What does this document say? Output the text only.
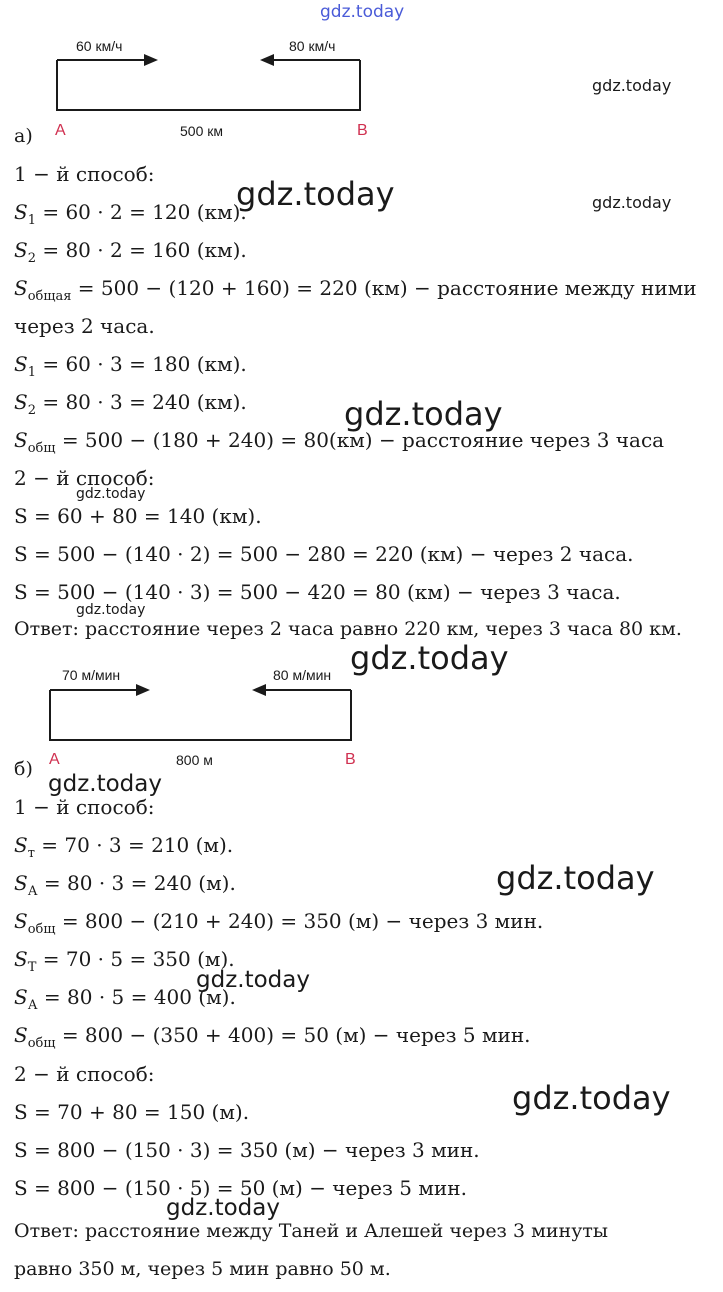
gdz.today
gdz.today
gdz.today
gdz.today
gdz.today
gdz.today
gdz.today
gdz.today
gdz.today
gdz.today
gdz.today
gdz.today
gdz.today
60 км/ч	80 км/ч
A	B
500 км
а)
1 − й способ:
$S_1 = 60 \cdot 2 = 120$ (км).
$S_2 = 80 \cdot 2 = 160$ (км).
$S_{общая} = 500 - (120 + 160) = 220$ (км) − расстояние между ними
через 2 часа.
$S_1 = 60 \cdot 3 = 180$ (км).
$S_2 = 80 \cdot 3 = 240$ (км).
$S_{общ} = 500 - (180 + 240) = 80(км)$ − расстояние через 3 часа
2 − й способ:
S = 60 + 80 = 140 (км).
S = 500 − (140 · 2) = 500 − 280 = 220 (км) − через 2 часа.
S = 500 − (140 · 3) = 500 − 420 = 80 (км) − через 3 часа.
Ответ: расстояние через 2 часа равно 220 км, через 3 часа 80 км.
70 м/мин	80 м/мин
A	B
800 м
б)
1 − й способ:
$S_т = 70 \cdot 3 = 210$ (м).
$S_А = 80 \cdot 3 = 240$ (м).
$S_{общ} = 800 - (210 + 240) = 350$ (м) − через 3 мин.
$S_Т = 70 \cdot 5 = 350$ (м).
$S_А = 80 \cdot 5 = 400$ (м).
$S_{общ} = 800 - (350 + 400) = 50$ (м) − через 5 мин.
2 − й способ:
S = 70 + 80 = 150 (м).
S = 800 − (150 · 3) = 350 (м) − через 3 мин.
S = 800 − (150 · 5) = 50 (м) − через 5 мин.
Ответ: расстояние между Таней и Алешей через 3 минуты
равно 350 м, через 5 мин равно 50 м.
